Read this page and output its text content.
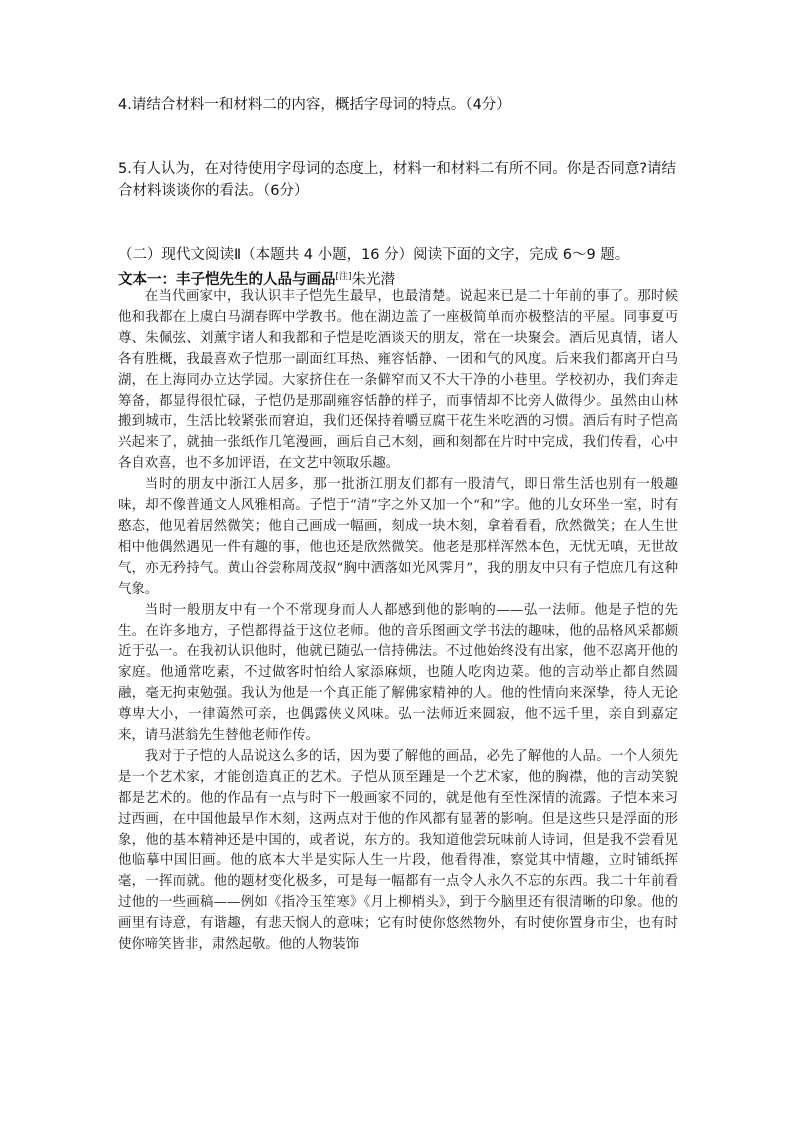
4.请结合材料一和材料二的内容，概括字母词的特点。（4分）
5.有人认为，在对待使用字母词的态度上，材料一和材料二有所不同。你是否同意?请结合材料谈谈你的看法。（6分）
（二）现代文阅读Ⅱ（本题共 4 小题，16 分）阅读下面的文字，完成 6～9 题。
文本一：丰子恺先生的人品与画品[注]朱光潜

在当代画家中，我认识丰子恺先生最早，也最清楚。说起来已是二十年前的事了。那时候他和我都在上虞白马湖春晖中学教书。他在湖边盖了一座极简单而亦极整洁的平屋。同事夏丏尊、朱佩弦、刘薰宇诸人和我都和子恺是吃酒谈天的朋友，常在一块聚会。酒后见真情，诸人各有胜概，我最喜欢子恺那一副面红耳热、雍容恬静、一团和气的风度。后来我们都离开白马湖，在上海同办立达学园。大家挤住在一条僻窄而又不大干净的小巷里。学校初办，我们奔走筹备，都显得很忙碌，子恺仍是那副雍容恬静的样子，而事情却不比旁人做得少。虽然由山林搬到城市，生活比较紧张而窘迫，我们还保持着嚼豆腐干花生米吃酒的习惯。酒后有时子恺高兴起来了，就抽一张纸作几笔漫画，画后自己木刻，画和刻都在片时中完成，我们传看，心中各自欢喜，也不多加评语，在文艺中领取乐趣。

当时的朋友中浙江人居多，那一批浙江朋友们都有一股清气，即日常生活也别有一般趣味，却不像普通文人风雅相高。子恺于“清”字之外又加一个“和”字。他的儿女环坐一室，时有憨态，他见着居然微笑；他自己画成一幅画，刻成一块木刻，拿着看看，欣然微笑；在人生世相中他偶然遇见一件有趣的事，他也还是欣然微笑。他老是那样浑然本色，无忧无嗔，无世故气，亦无矜持气。黄山谷尝称周茂叔“胸中洒落如光风霁月”，我的朋友中只有子恺庶几有这种气象。

当时一般朋友中有一个不常现身而人人都感到他的影响的——弘一法师。他是子恺的先生。在许多地方，子恺都得益于这位老师。他的音乐图画文学书法的趣味，他的品格风采都颇近于弘一。在我初认识他时，他就已随弘一信持佛法。不过他始终没有出家，他不忍离开他的家庭。他通常吃素，不过做客时怕给人家添麻烦，也随人吃肉边菜。他的言动举止都自然圆融，毫无拘束勉强。我认为他是一个真正能了解佛家精神的人。他的性情向来深挚，待人无论尊卑大小，一律蔼然可亲，也偶露侠义风味。弘一法师近来圆寂，他不远千里，亲自到嘉定来，请马湛翁先生替他老师作传。

我对于子恺的人品说这么多的话，因为要了解他的画品，必先了解他的人品。一个人须先是一个艺术家，才能创造真正的艺术。子恺从顶至踵是一个艺术家，他的胸襟，他的言动笑貌都是艺术的。他的作品有一点与时下一般画家不同的，就是他有至性深情的流露。子恺本来习过西画，在中国他最早作木刻，这两点对于他的作风都有显著的影响。但是这些只是浮面的形象，他的基本精神还是中国的，或者说，东方的。我知道他尝玩味前人诗词，但是我不尝看见他临摹中国旧画。他的底本大半是实际人生一片段，他看得准，察觉其中情趣，立时铺纸挥毫，一挥而就。他的题材变化极多，可是每一幅都有一点令人永久不忘的东西。我二十年前看过他的一些画稿——例如《指冷玉笙寒》《月上柳梢头》，到于今脑里还有很清晰的印象。他的画里有诗意，有谐趣，有悲天悯人的意味；它有时使你悠然物外，有时使你置身市尘，也有时使你啼笑皆非，肃然起敬。他的人物装饰
